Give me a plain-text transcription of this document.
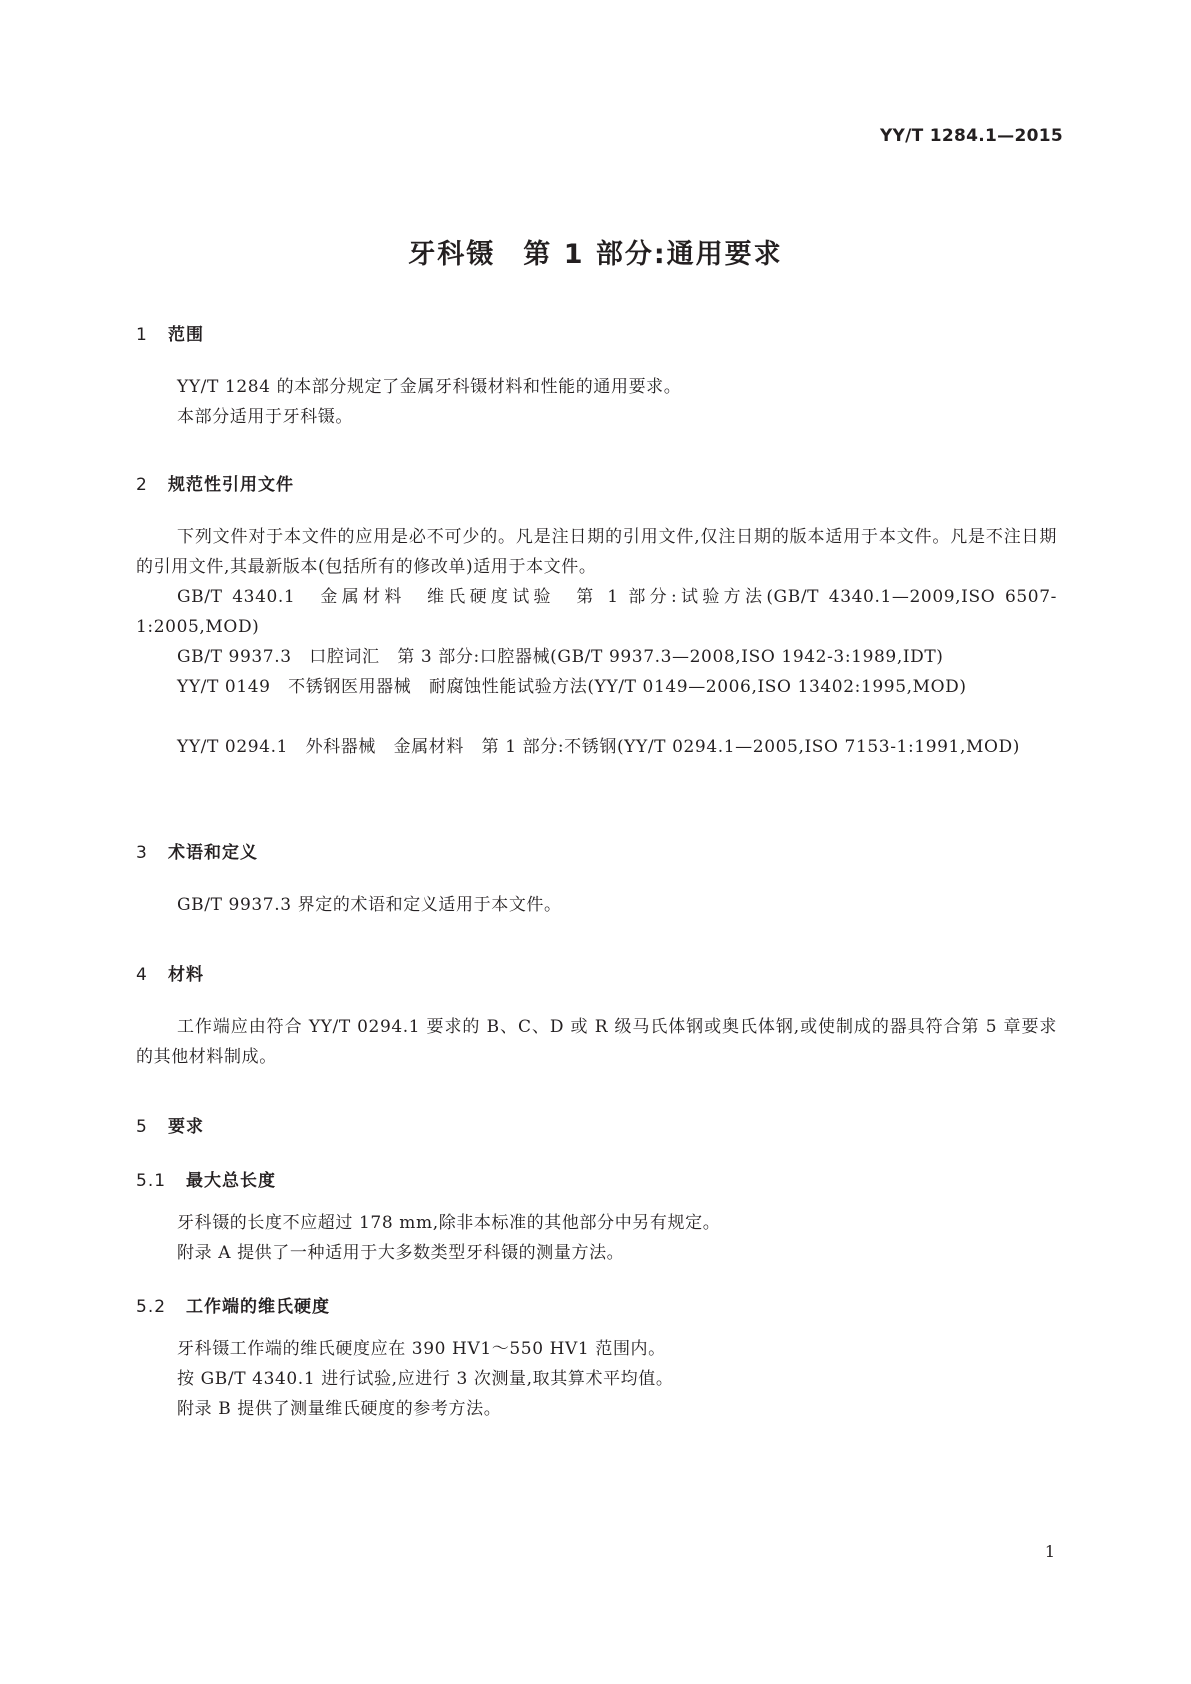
YY/T 1284.1—2015
牙科镊 第 1 部分:通用要求
1 范围
YY/T 1284 的本部分规定了金属牙科镊材料和性能的通用要求。
本部分适用于牙科镊。
2 规范性引用文件
下列文件对于本文件的应用是必不可少的。凡是注日期的引用文件,仅注日期的版本适用于本文件。凡是不注日期的引用文件,其最新版本(包括所有的修改单)适用于本文件。
GB/T 4340.1　金属材料　维氏硬度试验　第 1 部分:试验方法(GB/T 4340.1—2009,ISO 6507-1:2005,MOD)
GB/T 9937.3　口腔词汇　第 3 部分:口腔器械(GB/T 9937.3—2008,ISO 1942-3:1989,IDT)
YY/T 0149　不锈钢医用器械　耐腐蚀性能试验方法(YY/T 0149—2006,ISO 13402:1995,MOD)
YY/T 0294.1　外科器械　金属材料　第 1 部分:不锈钢(YY/T 0294.1—2005,ISO 7153-1:1991,MOD)
3 术语和定义
GB/T 9937.3 界定的术语和定义适用于本文件。
4 材料
工作端应由符合 YY/T 0294.1 要求的 B、C、D 或 R 级马氏体钢或奥氏体钢,或使制成的器具符合第 5 章要求的其他材料制成。
5 要求
5.1 最大总长度
牙科镊的长度不应超过 178 mm,除非本标准的其他部分中另有规定。
附录 A 提供了一种适用于大多数类型牙科镊的测量方法。
5.2 工作端的维氏硬度
牙科镊工作端的维氏硬度应在 390 HV1～550 HV1 范围内。
按 GB/T 4340.1 进行试验,应进行 3 次测量,取其算术平均值。
附录 B 提供了测量维氏硬度的参考方法。
1
